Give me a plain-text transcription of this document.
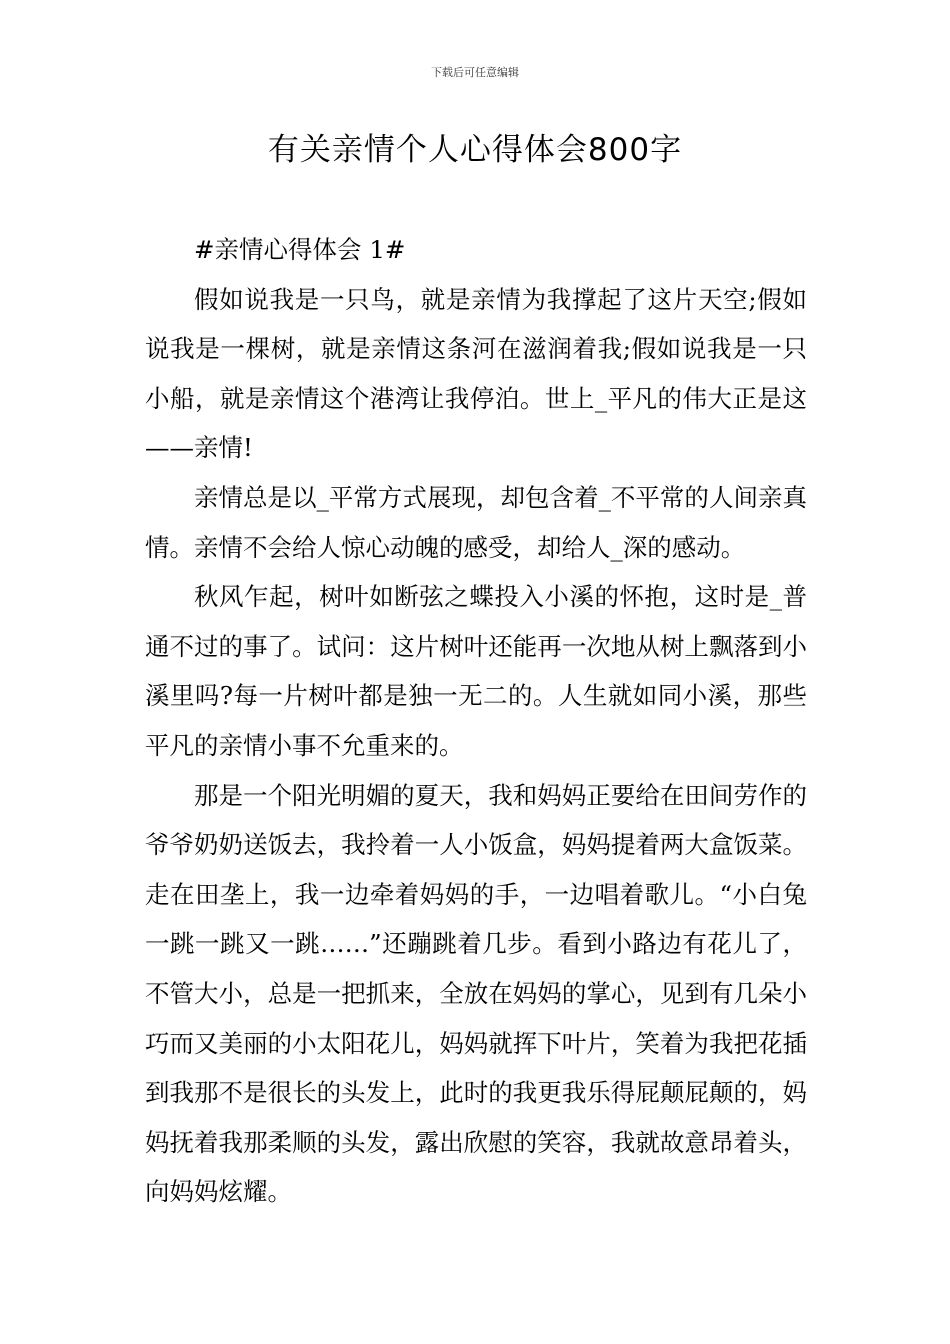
下载后可任意编辑
有关亲情个人心得体会800字

#亲情心得体会 1#

假如说我是一只鸟，就是亲情为我撑起了这片天空;假如说我是一棵树，就是亲情这条河在滋润着我;假如说我是一只小船，就是亲情这个港湾让我停泊。世上_平凡的伟大正是这——亲情!

亲情总是以_平常方式展现，却包含着_不平常的人间亲真情。亲情不会给人惊心动魄的感受，却给人_深的感动。

秋风乍起，树叶如断弦之蝶投入小溪的怀抱，这时是_普通不过的事了。试问：这片树叶还能再一次地从树上飘落到小溪里吗?每一片树叶都是独一无二的。人生就如同小溪，那些平凡的亲情小事不允重来的。

那是一个阳光明媚的夏天，我和妈妈正要给在田间劳作的爷爷奶奶送饭去，我拎着一人小饭盒，妈妈提着两大盒饭菜。走在田垄上，我一边牵着妈妈的手，一边唱着歌儿。“小白兔一跳一跳又一跳……”还蹦跳着几步。看到小路边有花儿了，不管大小，总是一把抓来，全放在妈妈的掌心，见到有几朵小巧而又美丽的小太阳花儿，妈妈就挥下叶片，笑着为我把花插到我那不是很长的头发上，此时的我更我乐得屁颠屁颠的，妈妈抚着我那柔顺的头发，露出欣慰的笑容，我就故意昂着头，向妈妈炫耀。
